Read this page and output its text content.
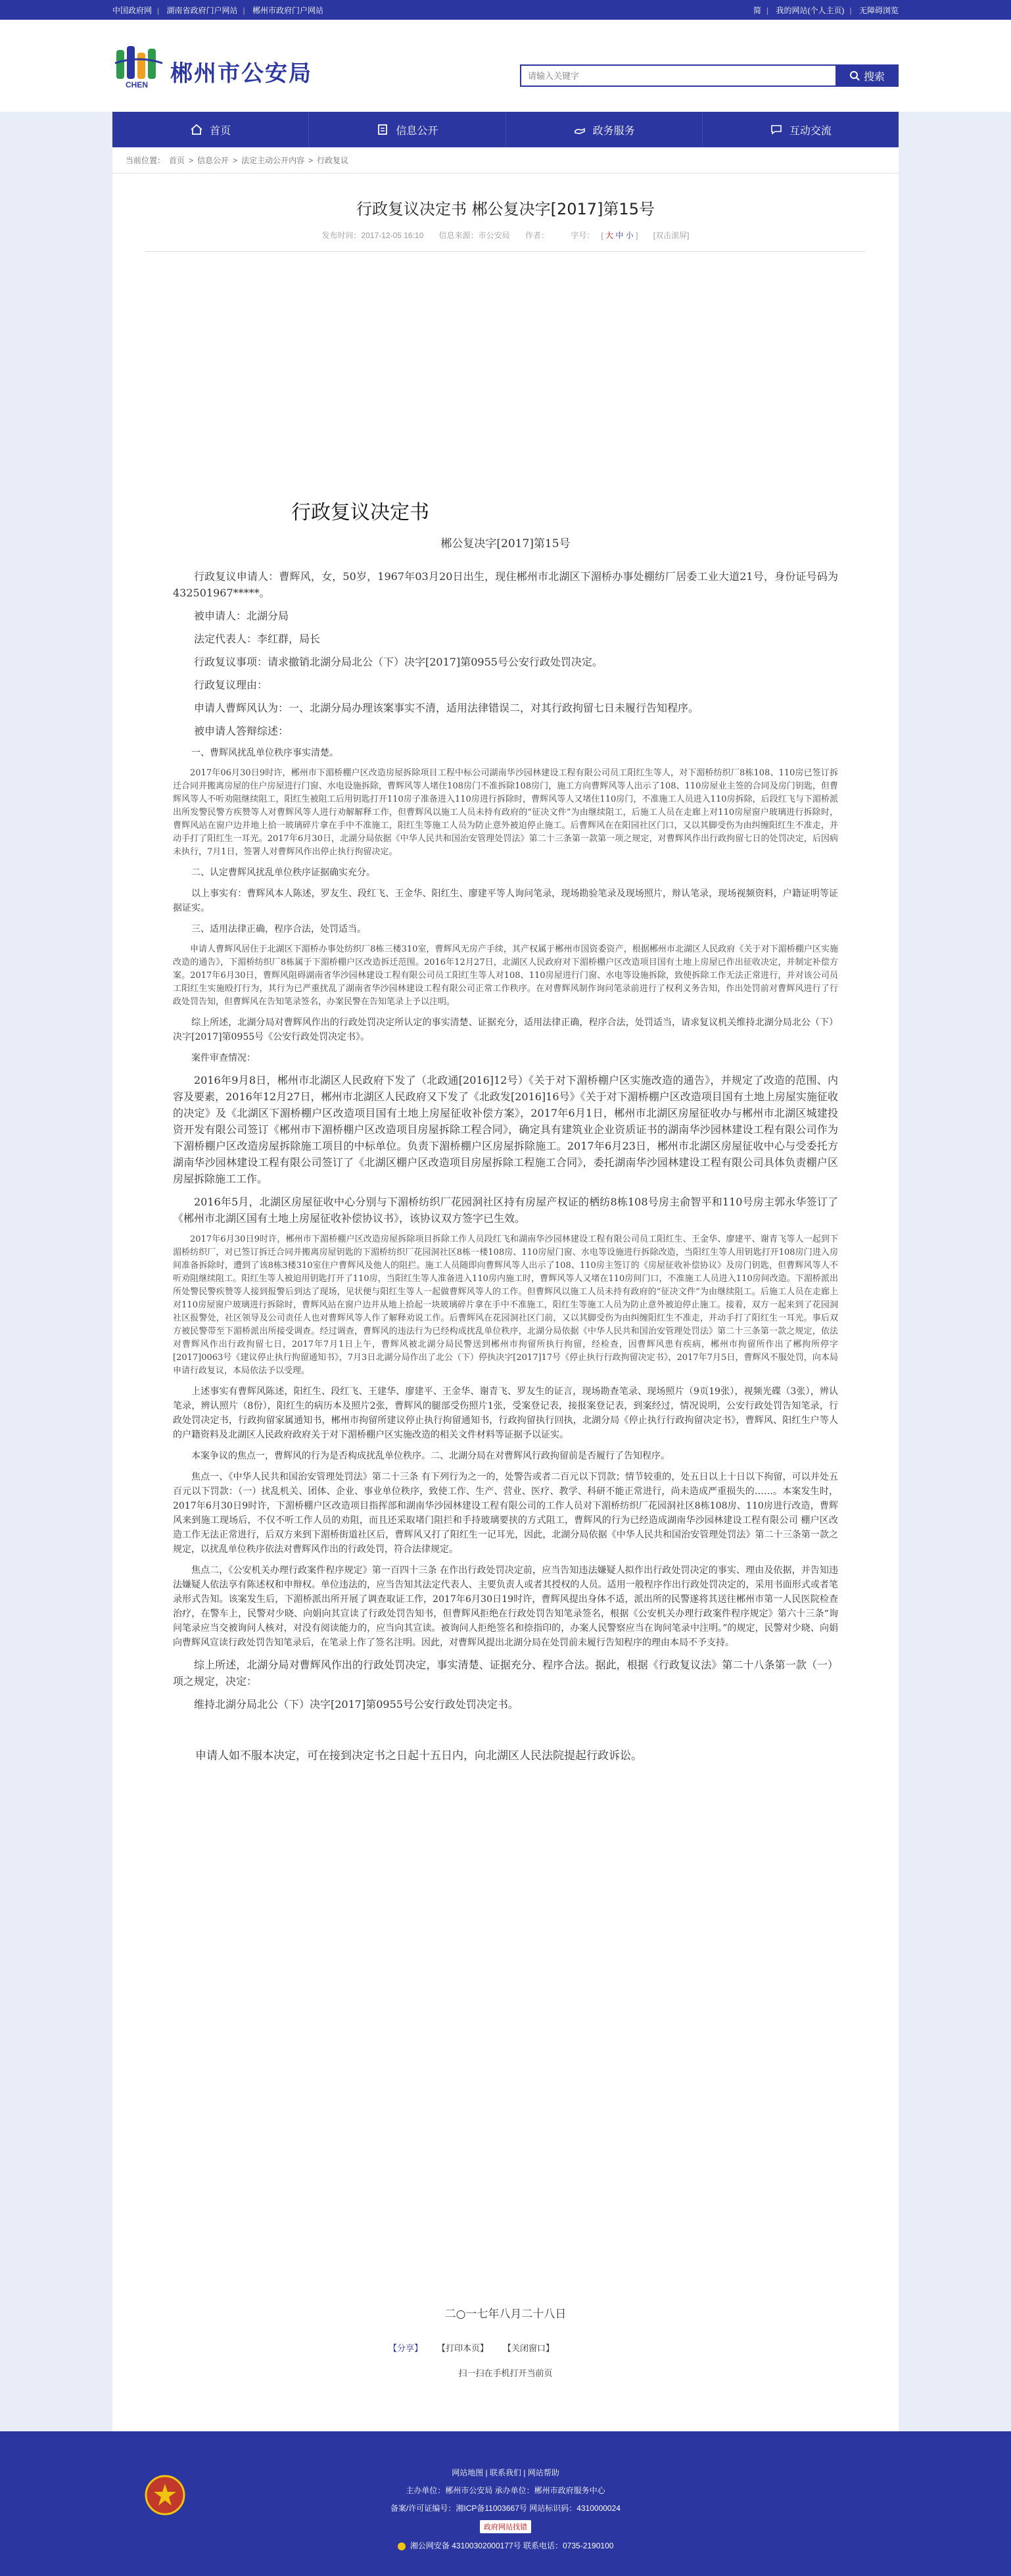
中国政府网 | 湖南省政府门户网站 | 郴州市政府门户网站	简 | 我的网站(个人主页) | 无障碍浏览
CHEN 郴州市公安局
请输入关键字	搜索
首页	信息公开	政务服务	互动交流
当前位置： 首页 > 信息公开 > 法定主动公开内容 > 行政复议
行政复议决定书 郴公复决字[2017]第15号
发布时间：2017-12-05 16:10 信息来源：市公安局 作者：	字号： [ 大 中 小 ] [双击滚屏]
行政复议决定书
郴公复决字[2017]第15号

行政复议申请人：曹辉风，女，50岁，1967年03月20日出生，现住郴州市北湖区下湄桥办事处棚纺厂居委工业大道21号，身份证号码为432501967*****。

被申请人：北湖分局

法定代表人：李红群，局长

行政复议事项：请求撤销北湖分局北公（下）决字[2017]第0955号公安行政处罚决定。

行政复议理由：

申请人曹辉风认为：一、北湖分局办理该案事实不清，适用法律错误二，对其行政拘留七日未履行告知程序。

被申请人答辩综述：

一、曹辉风扰乱单位秩序事实清楚。

2017年06月30日9时许，郴州市下湄桥棚户区改造房屋拆除项目工程中标公司湖南华沙园林建设工程有限公司员工阳红生等人，对下湄桥纺织厂8栋108、110房已签订拆迁合同并搬离房屋的住户房屋进行门窗、水电设施拆除，曹辉风等人堵住108房门不准拆除108房门，施工方向曹辉风等人出示了108、110房屋业主签的合同及房门钥匙，但曹辉风等人不听劝阻继续阻工，阳红生被阻工后用钥匙打开110房子准备进入110房进行拆除时，曹辉风等人又堵住110房门，不准施工人员进入110房拆除，后段红飞与下湄桥派出所发警民警方疾赞等人对曹辉风等人进行劝解解释工作，但曹辉风以施工人员未持有政府的“征决文件”为由继续阻工，后施工人员在走廊上对110房屋窗户玻璃进行拆除时，曹辉风站在窗户边并地上拾一玻璃碎片拿在手中不准施工，阳红生等施工人员为防止意外被迫停止施工。后曹辉风在在阳园社区门口，又以其脚受伤为由纠缠阳红生不准走，并动手打了阳红生一耳光。2017年6月30日，北湖分局依据《中华人民共和国治安管理处罚法》第二十三条第一款第一项之规定，对曹辉风作出行政拘留七日的处罚决定，后因病未执行，7月1日，签署人对曹辉风作出停止执行拘留决定。

二、认定曹辉风扰乱单位秩序证据确实充分。

以上事实有：曹辉风本人陈述，罗友生、段红飞、王金华、阳红生、廖建平等人询问笔录，现场勘验笔录及现场照片，辩认笔录，现场视频资料，户籍证明等证据证实。

三、适用法律正确，程序合法，处罚适当。

申请人曹辉风居住于北湖区下湄桥办事处纺织厂8栋三楼310室，曹辉风无房产手续，其产权属于郴州市国资委资产，根据郴州市北湖区人民政府《关于对下湄桥棚户区实施改造的通告》，下湄桥纺织厂8栋属于下湄桥棚户区改造拆迁范围。2016年12月27日，北湖区人民政府对下湄桥棚户区改造项目国有土地上房屋已作出征收决定，并制定补偿方案。2017年6月30日，曹辉风阻碍湖南省华沙园林建设工程有限公司员工阳红生等人对108、110房屋进行门窗、水电等设施拆除，致使拆除工作无法正常进行，并对该公司员工阳红生实施殴打行为，其行为已严重扰乱了湖南省华沙园林建设工程有限公司正常工作秩序。在对曹辉风制作询问笔录前进行了权利义务告知，作出处罚前对曹辉风进行了行政处罚告知，但曹辉风在告知笔录签名，办案民警在告知笔录上予以注明。

综上所述，北湖分局对曹辉风作出的行政处罚决定所认定的事实清楚、证据充分，适用法律正确，程序合法，处罚适当，请求复议机关维持北湖分局北公（下）决字[2017]第0955号《公安行政处罚决定书》。

案件审查情况：

2016年9月8日，郴州市北湖区人民政府下发了（北政通[2016]12号）《关于对下湄桥棚户区实施改造的通告》，并规定了改造的范围、内容及要素，2016年12月27日，郴州市北湖区人民政府又下发了《北政发[2016]16号》《关于对下湄桥棚户区改造项目国有土地上房屋实施征收的决定》及《北湖区下湄桥棚户区改造项目国有土地上房屋征收补偿方案》，2017年6月1日，郴州市北湖区房屋征收办与郴州市北湖区城建投资开发有限公司签订《郴州市下湄桥棚户区改造项目房屋拆除工程合同》，确定具有建筑业企业资质证书的湖南华沙园林建设工程有限公司作为下湄桥棚户区改造房屋拆除施工项目的中标单位。负责下湄桥棚户区房屋拆除施工。2017年6月23日，郴州市北湖区房屋征收中心与受委托方湖南华沙园林建设工程有限公司签订了《北湖区棚户区改造项目房屋拆除工程施工合同》，委托湖南华沙园林建设工程有限公司具体负责棚户区房屋拆除施工工作。

2016年5月，北湖区房屋征收中心分别与下湄桥纺织厂花园洞社区持有房屋产权证的栖纺8栋108号房主俞智平和110号房主郭永华签订了《郴州市北湖区国有土地上房屋征收补偿协议书》，该协议双方签字已生效。

2017年6月30日9时许，郴州市下湄桥棚户区改造房屋拆除项目拆除工作人员段红飞和湖南华沙园林建设工程有限公司员工阳红生、王金华、廖建平、谢青飞等人一起到下湄桥纺织厂，对已签订拆迁合同并搬离房屋钥匙的下湄桥纺织厂花园洞社区8栋一楼108房、110房屋门窗、水电等设施进行拆除改造，当阳红生等人用钥匙打开108房门进入房间准备拆除时，遭到了该8栋3楼310室住户曹辉风及他人的阻拦。施工人员随即向曹辉风等人出示了108、110房主签订的《房屋征收补偿协议》及房门钥匙，但曹辉风等人不听劝阻继续阻工。阳红生等人被迫用钥匙打开了110房，当阳红生等人准备进入110房内施工时，曹辉风等人又堵在110房间门口，不准施工人员进入110房间改造。下湄桥派出所处警民警疾赞等人接到报警后到达了现场，见状便与阳红生等人一起做曹辉风等人的工作。但曹辉风以施工人员未持有政府的“征决文件”为由继续阻工。后施工人员在走廊上对110房屋窗户玻璃进行拆除时，曹辉风站在窗户边并从地上拾起一块玻璃碎片拿在手中不准施工，阳红生等施工人员为防止意外被迫停止施工。接着，双方一起来到了花园洞社区报警处，社区领导及公司责任人也对曹辉风等人作了解释劝说工作。后曹辉风在花园洞社区门前，又以其脚受伤为由纠缠阳红生不准走，并动手打了阳红生一耳光。事后双方被民警带至下湄桥派出所接受调查。经过调查，曹辉风的违法行为已经构成扰乱单位秩序，北湖分局依据《中华人民共和国治安管理处罚法》第二十三条第一款之规定，依法对曹辉风作出行政拘留七日，2017年7月1日上午，曹辉风被北湖分局民警送到郴州市拘留所执行拘留，经检查，因曹辉风患有疾病，郴州市拘留所作出了郴拘所停字[2017]0063号《建议停止执行拘留通知书》，7月3日北湖分局作出了北公（下）停执决字[2017]17号《停止执行行政拘留决定书》，2017年7月5日，曹辉风不服处罚，向本局申请行政复议，本局依法予以受理。

上述事实有曹辉风陈述，阳红生、段红飞、王建华、廖建平、王金华、谢青飞、罗友生的证言，现场勘查笔录、现场照片（9页19张），视频光碟（3张），辨认笔录，辨认照片（8份），阳红生的病历本及照片2张，曹辉风的腿部受伤照片1张，受案登记表，接报案登记表，到案经过，情况说明，公安行政处罚告知笔录，行政处罚决定书，行政拘留家属通知书，郴州市拘留所建议停止执行拘留通知书，行政拘留执行回执，北湖分局《停止执行行政拘留决定书》，曹辉风、阳红生户等人的户籍资料及北湖区人民政府政府关于对下湄桥棚户区实施改造的相关文件材料等证据予以证实。

本案争议的焦点一，曹辉风的行为是否构成扰乱单位秩序。二、北湖分局在对曹辉风行政拘留前是否履行了告知程序。

焦点一、《中华人民共和国治安管理处罚法》第二十三条 有下列行为之一的，处警告或者二百元以下罚款；情节较重的，处五日以上十日以下拘留，可以并处五百元以下罚款：（一）扰乱机关、团体、企业、事业单位秩序，致使工作、生产、营业、医疗、教学、科研不能正常进行，尚未造成严重损失的……。本案发生时，2017年6月30日9时许，下湄桥棚户区改造项目指挥部和湖南华沙园林建设工程有限公司的工作人员对下湄桥纺织厂花园洞社区8栋108房、110房进行改造，曹辉风来到施工现场后，不仅不听工作人员的劝阻，而且还采取堵门阻拦和手持玻璃要挟的方式阻工，曹辉风的行为已经造成湖南华沙园林建设工程有限公司 棚户区改造工作无法正常进行，后双方来到下湄桥街道社区后，曹辉风又打了阳红生一记耳光，因此，北湖分局依据《中华人民共和国治安管理处罚法》第二十三条第一款之规定，以扰乱单位秩序依法对曹辉风作出的行政处罚，符合法律规定。

焦点二，《公安机关办理行政案件程序规定》第一百四十三条 在作出行政处罚决定前，应当告知违法嫌疑人拟作出行政处罚决定的事实、理由及依据，并告知违法嫌疑人依法享有陈述权和申辩权。单位违法的，应当告知其法定代表人、主要负责人或者其授权的人员。适用一般程序作出行政处罚决定的，采用书面形式或者笔录形式告知。该案发生后，下湄桥派出所开展了调查取证工作，2017年6月30日19时许，曹辉风提出身体不适，派出所的民警遂将其送往郴州市第一人民医院检查治疗，在警车上，民警对少晓、向娟向其宣读了行政处罚告知书，但曹辉风拒绝在行政处罚告知笔录签名，根据《公安机关办理行政案件程序规定》第六十三条“询问笔录应当交被询问人核对，对没有阅读能力的，应当向其宣读。被询问人拒绝签名和捺指印的，办案人民警察应当在询问笔录中注明。”的规定，民警对少晓、向娟向曹辉风宣读行政处罚告知笔录后，在笔录上作了签名注明。因此，对曹辉风提出北湖分局在处罚前未履行告知程序的理由本局不予支持。

综上所述，北湖分局对曹辉风作出的行政处罚决定，事实清楚、证据充分、程序合法。据此，根据《行政复议法》第二十八条第一款（一）项之规定，决定：

维持北湖分局北公（下）决字[2017]第0955号公安行政处罚决定书。

申请人如不服本决定，可在接到决定书之日起十五日内，向北湖区人民法院提起行政诉讼。

二○一七年八月二十八日
【分享】 【打印本页】 【关闭窗口】
扫一扫在手机打开当前页
网站地图 | 联系我们 | 网站帮助
主办单位：郴州市公安局 承办单位：郴州市政府服务中心
备案/许可证编号：湘ICP备11003667号 网站标识码：4310000024
政府网站找错
湘公网安备 43100302000177号 联系电话：0735-2190100
